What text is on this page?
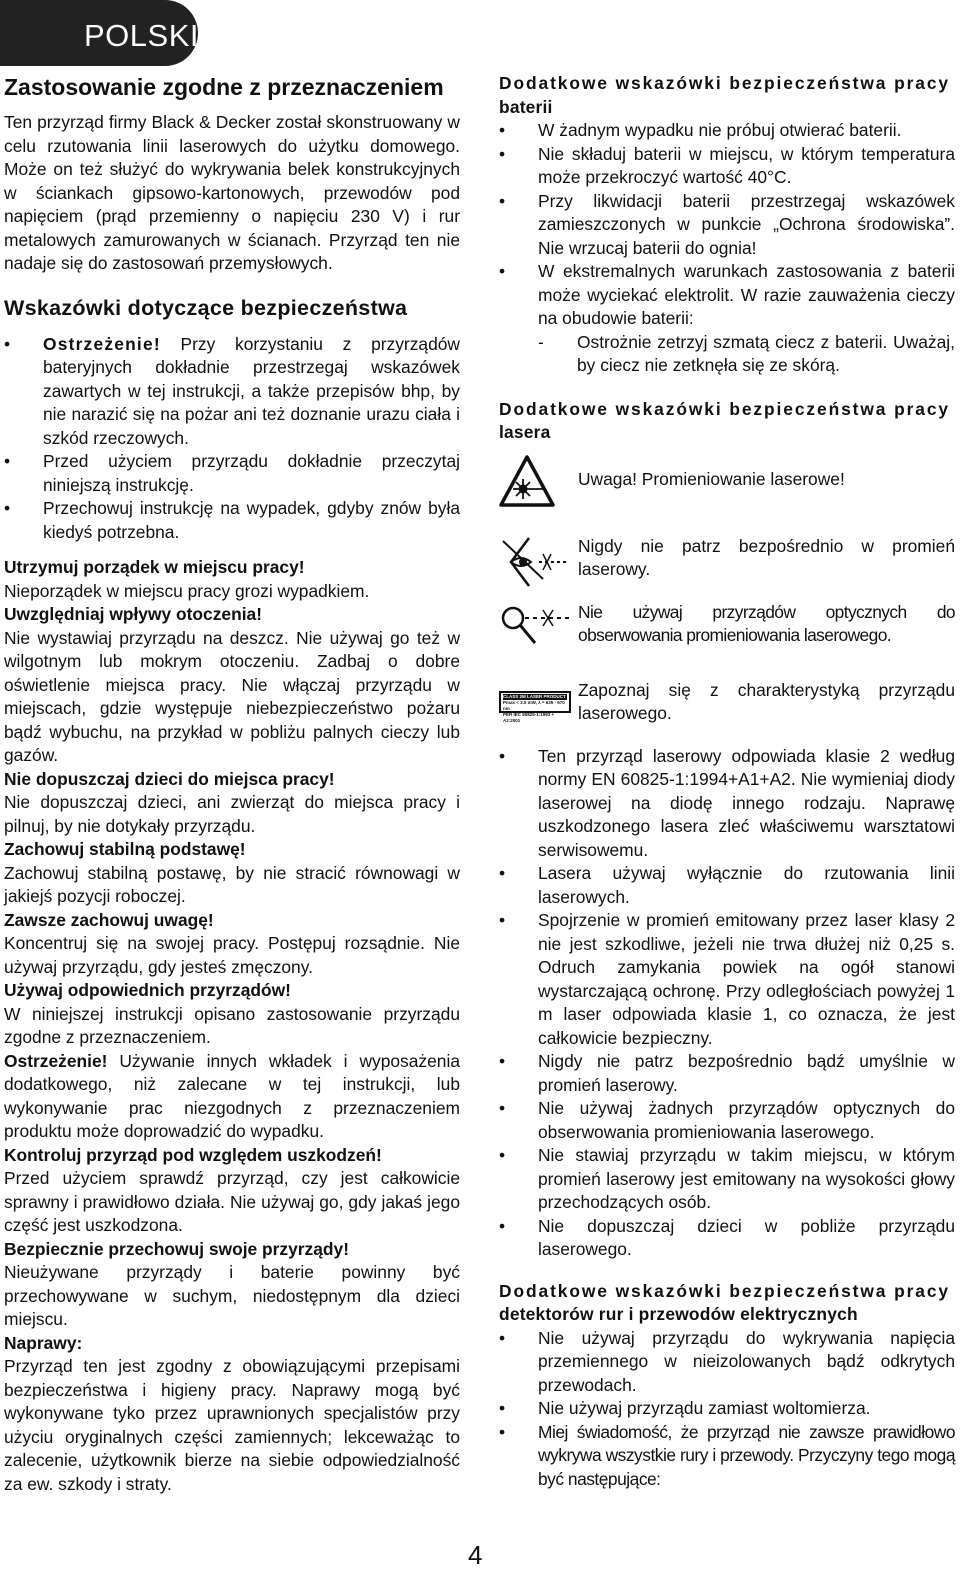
POLSKI
Zastosowanie zgodne z przeznaczeniem

Ten przyrząd firmy Black & Decker został skonstruowany w celu rzutowania linii laserowych do użytku domowego. Może on też służyć do wykrywania belek konstrukcyjnych w ściankach gipsowo-kartonowych, przewodów pod napięciem (prąd przemienny o napięciu 230 V) i rur metalowych zamurowanych w ścianach. Przyrząd ten nie nadaje się do zastosowań przemysłowych.

Wskazówki dotyczące bezpieczeństwa
• Ostrzeżenie! Przy korzystaniu z przyrządów bateryjnych dokładnie przestrzegaj wskazówek zawartych w tej instrukcji, a także przepisów bhp, by nie narazić się na pożar ani też doznanie urazu ciała i szkód rzeczowych.
• Przed użyciem przyrządu dokładnie przeczytaj niniejszą instrukcję.
• Przechowuj instrukcję na wypadek, gdyby znów była kiedyś potrzebna.

Utrzymuj porządek w miejscu pracy!

Nieporządek w miejscu pracy grozi wypadkiem.

Uwzględniaj wpływy otoczenia!

Nie wystawiaj przyrządu na deszcz. Nie używaj go też w wilgotnym lub mokrym otoczeniu. Zadbaj o dobre oświetlenie miejsca pracy. Nie włączaj przyrządu w miejscach, gdzie występuje niebezpieczeństwo pożaru bądź wybuchu, na przykład w pobliżu palnych cieczy lub gazów.

Nie dopuszczaj dzieci do miejsca pracy!

Nie dopuszczaj dzieci, ani zwierząt do miejsca pracy i pilnuj, by nie dotykały przyrządu.

Zachowuj stabilną podstawę!

Zachowuj stabilną postawę, by nie stracić równowagi w jakiejś pozycji roboczej.

Zawsze zachowuj uwagę!

Koncentruj się na swojej pracy. Postępuj rozsądnie. Nie używaj przyrządu, gdy jesteś zmęczony.

Używaj odpowiednich przyrządów!

W niniejszej instrukcji opisano zastosowanie przyrządu zgodne z przeznaczeniem.

Ostrzeżenie! Używanie innych wkładek i wyposażenia dodatkowego, niż zalecane w tej instrukcji, lub wykonywanie prac niezgodnych z przeznaczeniem produktu może doprowadzić do wypadku.

Kontroluj przyrząd pod względem uszkodzeń!

Przed użyciem sprawdź przyrząd, czy jest całkowicie sprawny i prawidłowo działa. Nie używaj go, gdy jakaś jego część jest uszkodzona.

Bezpiecznie przechowuj swoje przyrządy!

Nieużywane przyrządy i baterie powinny być przechowywane w suchym, niedostępnym dla dzieci miejscu.

Naprawy:

Przyrząd ten jest zgodny z obowiązującymi przepisami bezpieczeństwa i higieny pracy. Naprawy mogą być wykonywane tyko przez uprawnionych specjalistów przy użyciu oryginalnych części zamiennych; lekceważąc to zalecenie, użytkownik bierze na siebie odpowiedzialność za ew. szkody i straty.

Dodatkowe wskazówki bezpieczeństwa pracy
baterii

• W żadnym wypadku nie próbuj otwierać baterii.
• Nie składuj baterii w miejscu, w którym temperatura może przekroczyć wartość 40°C.
• Przy likwidacji baterii przestrzegaj wskazówek zamieszczonych w punkcie „Ochrona środowiska”. Nie wrzucaj baterii do ognia!
• W ekstremalnych warunkach zastosowania z baterii może wyciekać elektrolit. W razie zauważenia cieczy na obudowie baterii:
- Ostrożnie zetrzyj szmatą ciecz z baterii. Uważaj, by ciecz nie zetknęła się ze skórą.

Dodatkowe wskazówki bezpieczeństwa pracy
lasera

Uwaga! Promieniowanie laserowe!
Nigdy nie patrz bezpośrednio w promień laserowy.
Nie używaj przyrządów optycznych do obserwowania promieniowania laserowego.
CLASS 2M LASER PRODUCT
Pmax < 3.5 mW, λ = 635 - 670 nm
PER IEC 60825-1:1993 + A2:2001
Zapoznaj się z charakterystyką przyrządu laserowego.
• Ten przyrząd laserowy odpowiada klasie 2 według normy EN 60825-1:1994+A1+A2. Nie wymieniaj diody laserowej na diodę innego rodzaju. Naprawę uszkodzonego lasera zleć właściwemu warsztatowi serwisowemu.
• Lasera używaj wyłącznie do rzutowania linii laserowych.
• Spojrzenie w promień emitowany przez laser klasy 2 nie jest szkodliwe, jeżeli nie trwa dłużej niż 0,25 s. Odruch zamykania powiek na ogół stanowi wystarczającą ochronę. Przy odległościach powyżej 1 m laser odpowiada klasie 1, co oznacza, że jest całkowicie bezpieczny.
• Nigdy nie patrz bezpośrednio bądź umyślnie w promień laserowy.
• Nie używaj żadnych przyrządów optycznych do obserwowania promieniowania laserowego.
• Nie stawiaj przyrządu w takim miejscu, w którym promień laserowy jest emitowany na wysokości głowy przechodzących osób.
• Nie dopuszczaj dzieci w pobliże przyrządu laserowego.

Dodatkowe wskazówki bezpieczeństwa pracy
detektorów rur i przewodów elektrycznych

• Nie używaj przyrządu do wykrywania napięcia przemiennego w nieizolowanych bądź odkrytych przewodach.
• Nie używaj przyrządu zamiast woltomierza.
• Miej świadomość, że przyrząd nie zawsze prawidłowo wykrywa wszystkie rury i przewody. Przyczyny tego mogą być następujące:
4
